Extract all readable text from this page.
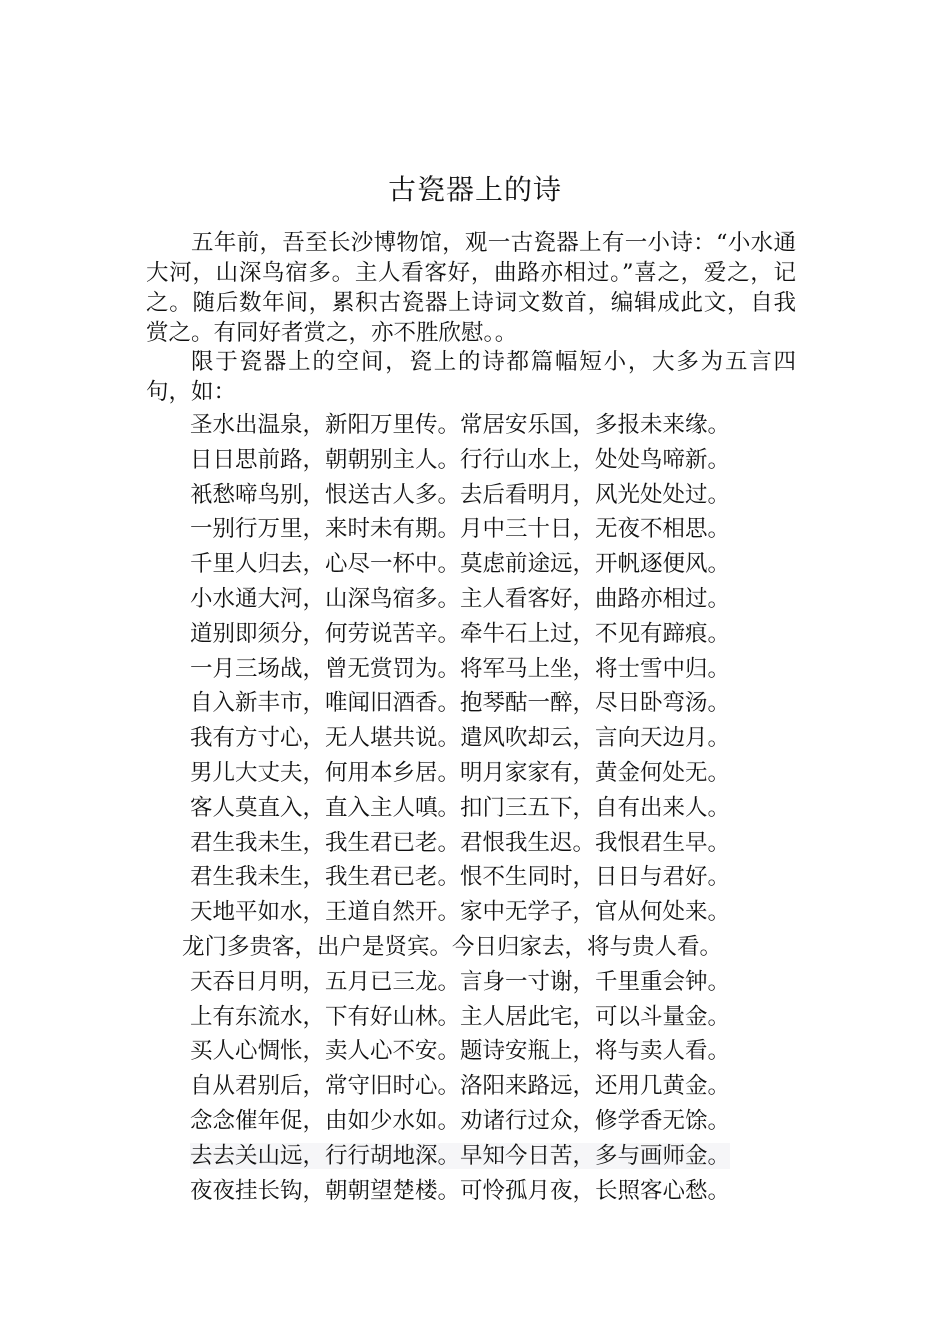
古瓷器上的诗

五年前，吾至长沙博物馆，观一古瓷器上有一小诗：“小水通大河，山深鸟宿多。主人看客好，曲路亦相过。”喜之，爱之，记之。随后数年间，累积古瓷器上诗词文数首，编辑成此文，自我赏之。有同好者赏之，亦不胜欣慰。。

限于瓷器上的空间，瓷上的诗都篇幅短小，大多为五言四句，如：

圣水出温泉，新阳万里传。常居安乐国，多报未来缘。
日日思前路，朝朝别主人。行行山水上，处处鸟啼新。
衹愁啼鸟别，恨送古人多。去后看明月，风光处处过。
一别行万里，来时未有期。月中三十日，无夜不相思。
千里人归去，心尽一杯中。莫虑前途远，开帆逐便风。
小水通大河，山深鸟宿多。主人看客好，曲路亦相过。
道别即须分，何劳说苦辛。牵牛石上过，不见有蹄痕。
一月三场战，曾无赏罚为。将军马上坐，将士雪中归。
自入新丰市，唯闻旧酒香。抱琴酤一醉，尽日卧弯汤。
我有方寸心，无人堪共说。遣风吹却云，言向天边月。
男儿大丈夫，何用本乡居。明月家家有，黄金何处无。
客人莫直入，直入主人嗔。扣门三五下，自有出来人。
君生我未生，我生君已老。君恨我生迟。我恨君生早。
君生我未生，我生君已老。恨不生同时，日日与君好。
天地平如水，王道自然开。家中无学子，官从何处来。
龙门多贵客，出户是贤宾。今日归家去，将与贵人看。
天吞日月明，五月已三龙。言身一寸谢，千里重会钟。
上有东流水，下有好山林。主人居此宅，可以斗量金。
买人心惆怅，卖人心不安。题诗安瓶上，将与卖人看。
自从君别后，常守旧时心。洛阳来路远，还用几黄金。
念念催年促，由如少水如。劝诸行过众，修学香无馀。
去去关山远，行行胡地深。早知今日苦，多与画师金。
夜夜挂长钩，朝朝望楚楼。可怜孤月夜，长照客心愁。
